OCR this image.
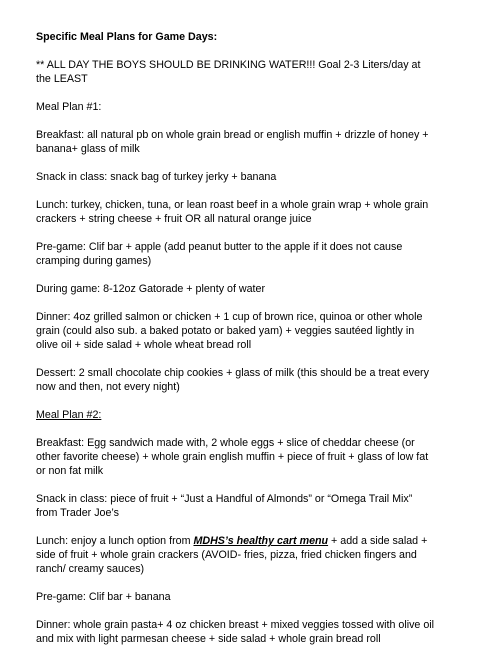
Specific Meal Plans for Game Days:

** ALL DAY THE BOYS SHOULD BE DRINKING WATER!!! Goal 2-3 Liters/day at the LEAST

Meal Plan #1:

Breakfast: all natural pb on whole grain bread or english muffin + drizzle of honey + banana+ glass of milk

Snack in class: snack bag of turkey jerky + banana

Lunch: turkey, chicken, tuna, or lean roast beef in a whole grain wrap + whole grain crackers + string cheese + fruit OR all natural orange juice

Pre-game: Clif bar + apple (add peanut butter to the apple if it does not cause cramping during games)

During game: 8-12oz Gatorade + plenty of water

Dinner: 4oz grilled salmon or chicken + 1 cup of brown rice, quinoa or other whole grain (could also sub. a baked potato or baked yam) + veggies sautéed lightly in olive oil + side salad + whole wheat bread roll

Dessert: 2 small chocolate chip cookies + glass of milk (this should be a treat every now and then, not every night)

Meal Plan #2:

Breakfast: Egg sandwich made with, 2 whole eggs + slice of cheddar cheese (or other favorite cheese) + whole grain english muffin + piece of fruit + glass of low fat or non fat milk

Snack in class: piece of fruit + “Just a Handful of Almonds” or “Omega Trail Mix” from Trader Joe’s

Lunch: enjoy a lunch option from MDHS’s healthy cart menu + add a side salad + side of fruit + whole grain crackers (AVOID- fries, pizza, fried chicken fingers and ranch/ creamy sauces)

Pre-game: Clif bar + banana

Dinner: whole grain pasta+ 4 oz chicken breast + mixed veggies tossed with olive oil and mix with light parmesan cheese + side salad + whole grain bread roll
